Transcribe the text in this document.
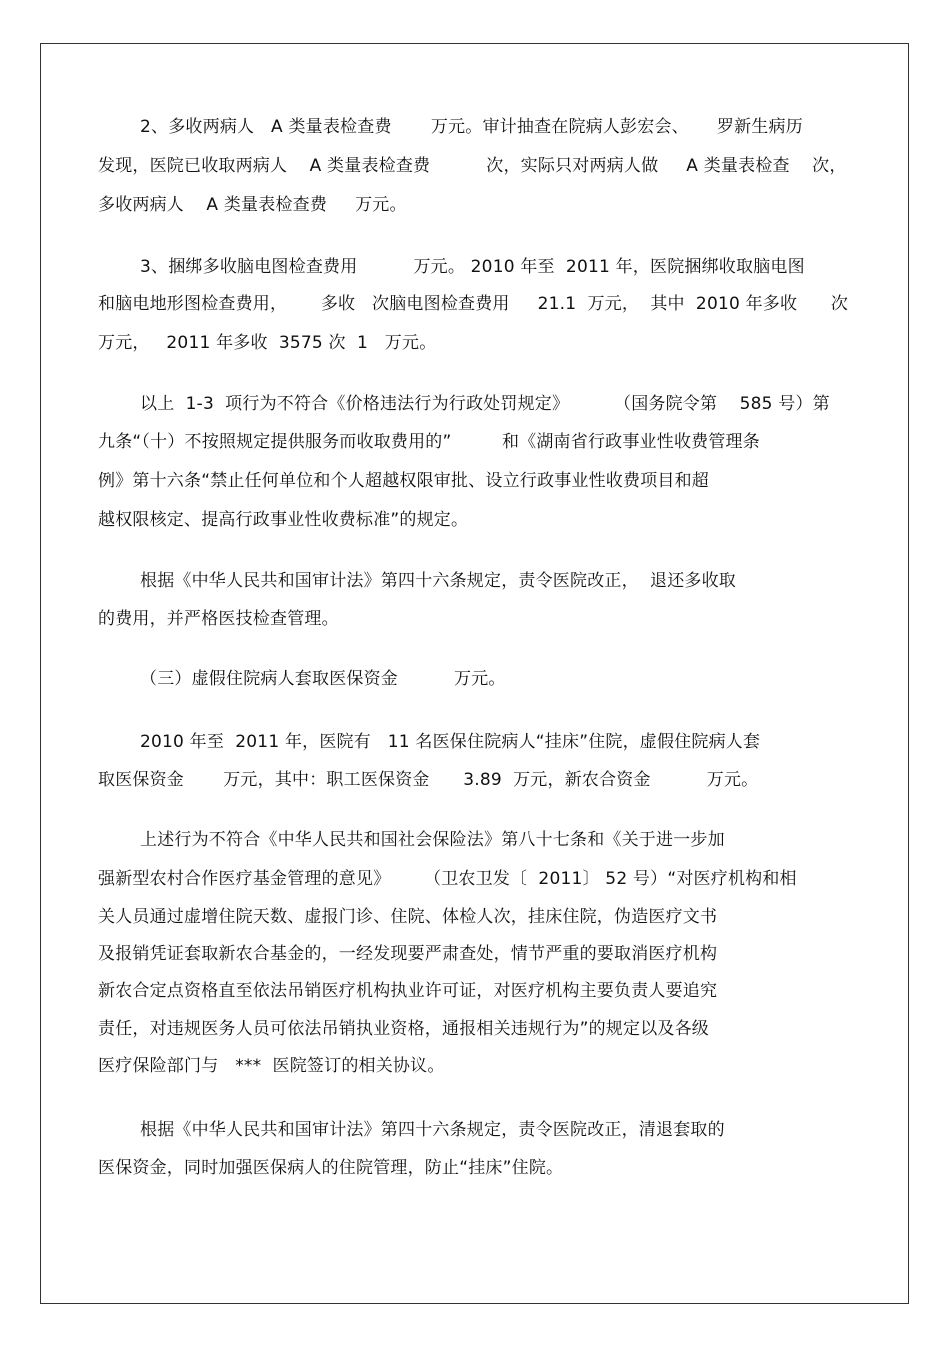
2、多收两病人   A 类量表检查费       万元。审计抽查在院病人彭宏会、     罗新生病历
发现，医院已收取两病人    A 类量表检查费          次，实际只对两病人做     A 类量表检查    次，
多收两病人    A 类量表检查费     万元。
3、捆绑多收脑电图检查费用          万元。 2010 年至  2011 年，医院捆绑收取脑电图
和脑电地形图检查费用，      多收   次脑电图检查费用     21.1  万元，  其中  2010 年多收      次
万元，   2011 年多收  3575 次  1   万元。
以上  1-3  项行为不符合《价格违法行为行政处罚规定》        （国务院令第    585 号）第
九条“（十）不按照规定提供服务而收取费用的”         和《湖南省行政事业性收费管理条
例》第十六条“禁止任何单位和个人超越权限审批、设立行政事业性收费项目和超
越权限核定、提高行政事业性收费标准”的规定。
根据《中华人民共和国审计法》第四十六条规定，责令医院改正，  退还多收取
的费用，并严格医技检查管理。
（三）虚假住院病人套取医保资金          万元。
2010 年至  2011 年，医院有   11 名医保住院病人“挂床”住院，虚假住院病人套
取医保资金       万元，其中：职工医保资金      3.89  万元，新农合资金          万元。
上述行为不符合《中华人民共和国社会保险法》第八十七条和《关于进一步加
强新型农村合作医疗基金管理的意见》      （卫农卫发〔  2011〕 52 号）“对医疗机构和相
关人员通过虚增住院天数、虚报门诊、住院、体检人次，挂床住院，伪造医疗文书
及报销凭证套取新农合基金的，一经发现要严肃查处，情节严重的要取消医疗机构
新农合定点资格直至依法吊销医疗机构执业许可证，对医疗机构主要负责人要追究
责任，对违规医务人员可依法吊销执业资格，通报相关违规行为”的规定以及各级
医疗保险部门与   ***  医院签订的相关协议。
根据《中华人民共和国审计法》第四十六条规定，责令医院改正，清退套取的
医保资金，同时加强医保病人的住院管理，防止“挂床”住院。
